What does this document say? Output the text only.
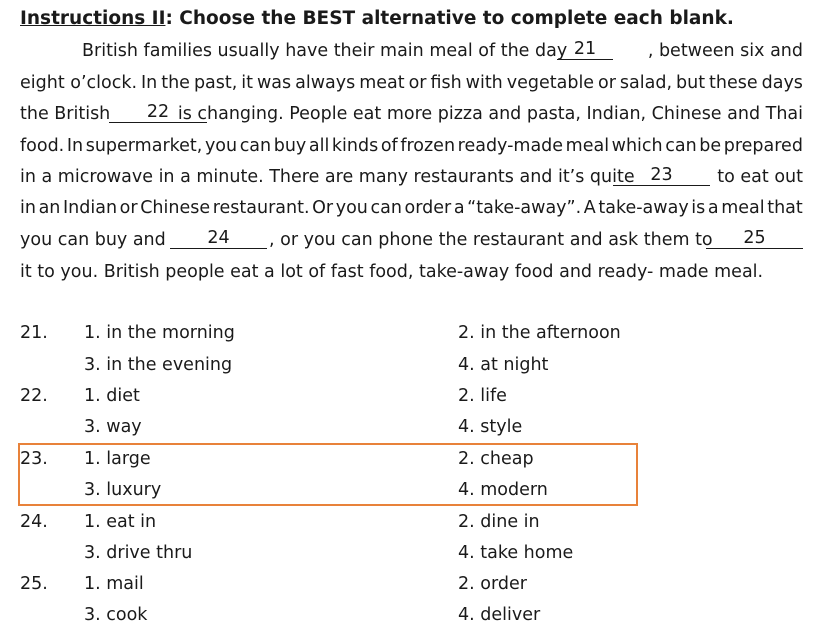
Instructions II: Choose the BEST alternative to complete each blank.
British families usually have their main meal of the day 21	, between six and
eight o’clock. In the past, it was always meat or fish with vegetable or salad, but these days
the British	22 is changing. People eat more pizza and pasta, Indian, Chinese and Thai
food. In supermarket, you can buy all kinds of frozen ready-made meal which can be prepared
in a microwave in a minute. There are many restaurants and it’s quite 23	to eat out
in an Indian or Chinese restaurant. Or you can order a “take-away”. A take-away is a meal that
you can buy and	24	, or you can phone the restaurant and ask them to	25
it to you. British people eat a lot of fast food, take-away food and ready- made meal.
21. 1. in the morning	2. in the afternoon
3. in the evening	4. at night
22. 1. diet	2. life
3. way	4. style
23. 1. large	2. cheap
3. luxury	4. modern
24. 1. eat in	2. dine in
3. drive thru	4. take home
25. 1. mail	2. order
3. cook	4. deliver
